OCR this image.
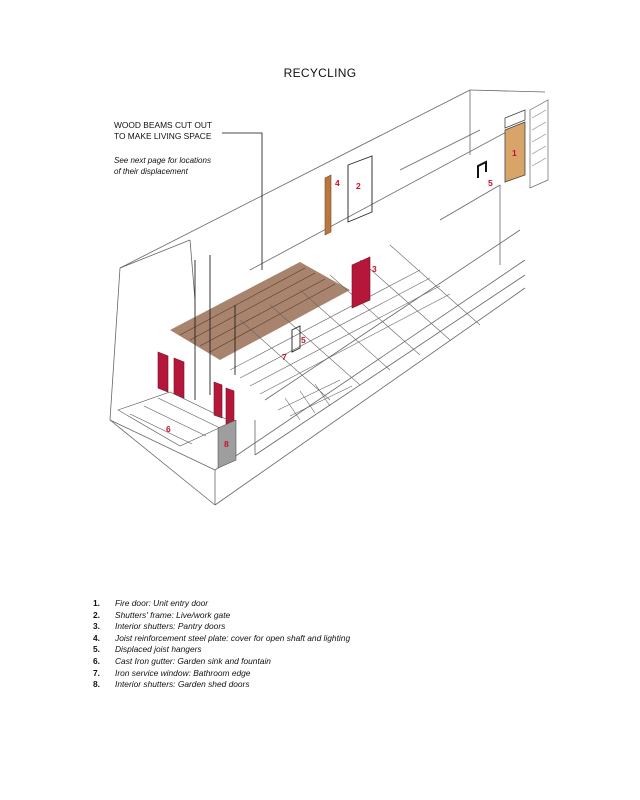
RECYCLING
WOOD BEAMS CUT OUT
TO MAKE LIVING SPACE
See next page for locations
of their displacement
1
2
3
4	5
5
6
7
8
1.	Fire door: Unit entry door
2.	Shutters' frame: Live/work gate
3.	Interior shutters: Pantry doors
4.	Joist reinforcement steel plate: cover for open shaft and lighting
5.	Displaced joist hangers
6.	Cast Iron gutter: Garden sink and fountain
7.	Iron service window: Bathroom edge
8.	Interior shutters: Garden shed doors
